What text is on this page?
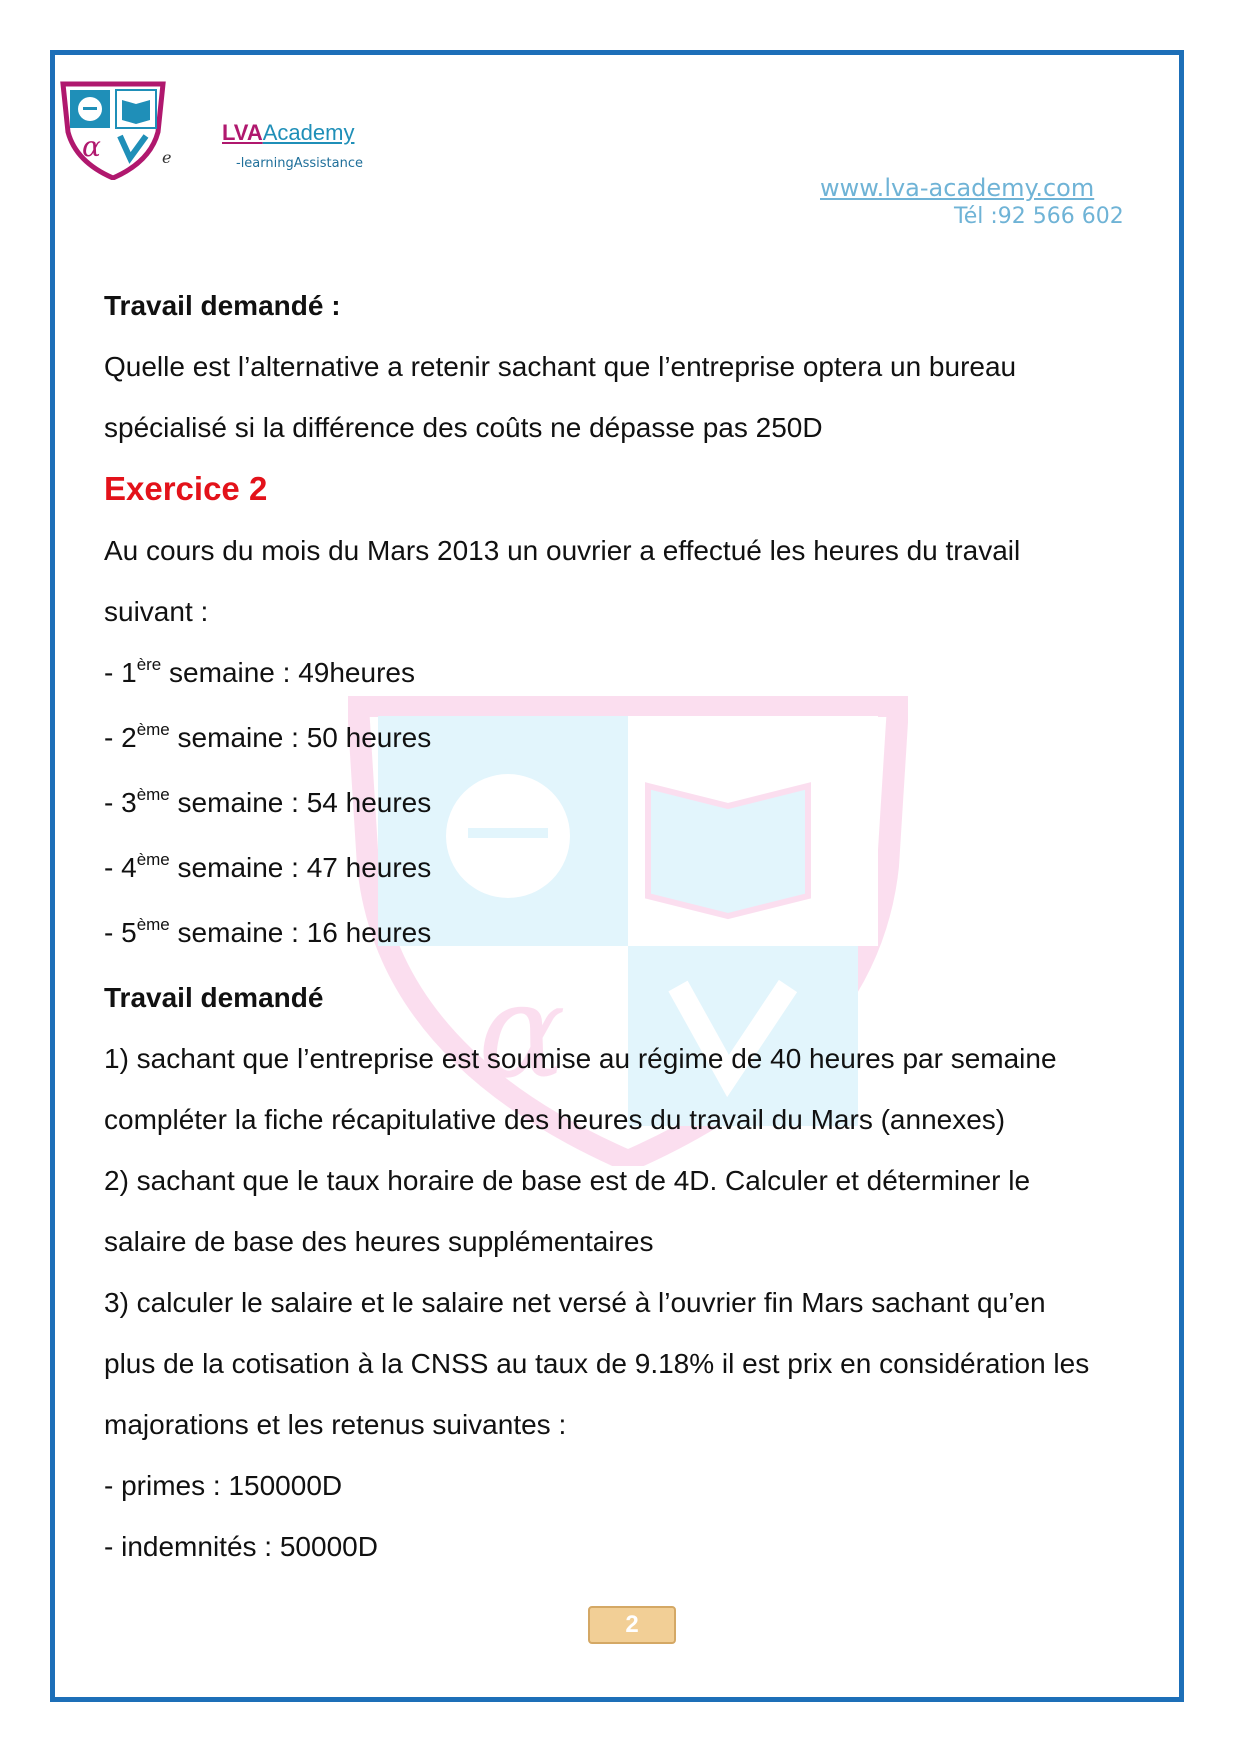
α	e
LVAAcademy
-learningAssistance
www.lva-academy.com
Tél :92 566 602
α
Travail demandé :
Quelle est l’alternative a retenir sachant que l’entreprise optera un bureau
spécialisé si la différence des coûts ne dépasse pas 250D
Exercice 2
Au cours du mois du Mars 2013 un ouvrier a effectué les heures du travail
suivant :
- 1ère semaine : 49heures
- 2ème semaine : 50 heures
- 3ème semaine : 54 heures
- 4ème semaine : 47 heures
- 5ème semaine : 16 heures
Travail demandé
1) sachant que l’entreprise est soumise au régime de 40 heures par semaine
compléter la fiche récapitulative des heures du travail du Mars (annexes)
2) sachant que le taux horaire de base est de 4D. Calculer et déterminer le
salaire de base des heures supplémentaires
3) calculer le salaire et le salaire net versé à l’ouvrier fin Mars sachant qu’en
plus de la cotisation à la CNSS au taux de 9.18% il est prix en considération les
majorations et les retenus suivantes :
- primes : 150000D
- indemnités : 50000D
2
